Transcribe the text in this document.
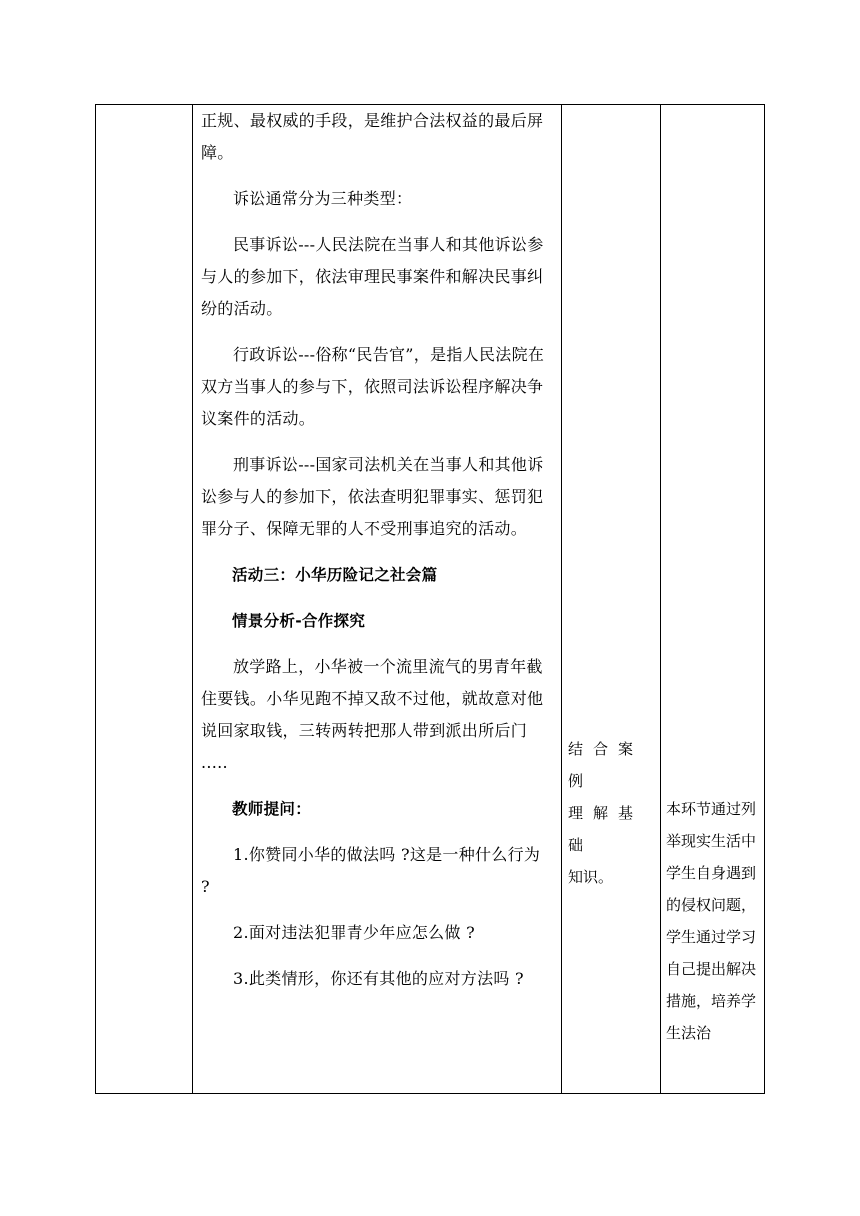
正规、最权威的手段，是维护合法权益的最后屏障。

诉讼通常分为三种类型：

民事诉讼---人民法院在当事人和其他诉讼参与人的参加下，依法审理民事案件和解决民事纠纷的活动。

行政诉讼---俗称“民告官”，是指人民法院在双方当事人的参与下，依照司法诉讼程序解决争议案件的活动。

刑事诉讼---国家司法机关在当事人和其他诉讼参与人的参加下，依法查明犯罪事实、惩罚犯罪分子、保障无罪的人不受刑事追究的活动。

活动三：小华历险记之社会篇

情景分析-合作探究

放学路上，小华被一个流里流气的男青年截住要钱。小华见跑不掉又敌不过他，就故意对他说回家取钱，三转两转把那人带到派出所后门 .....

教师提问：

1.你赞同小华的做法吗 ?这是一种什么行为 ?

2.面对违法犯罪青少年应怎么做 ?

3.此类情形，你还有其他的应对方法吗 ?

结合案例
理解基础
知识。
本环节通过列举现实生活中学生自身遇到的侵权问题，学生通过学习自己提出解决措施，培养学生法治
